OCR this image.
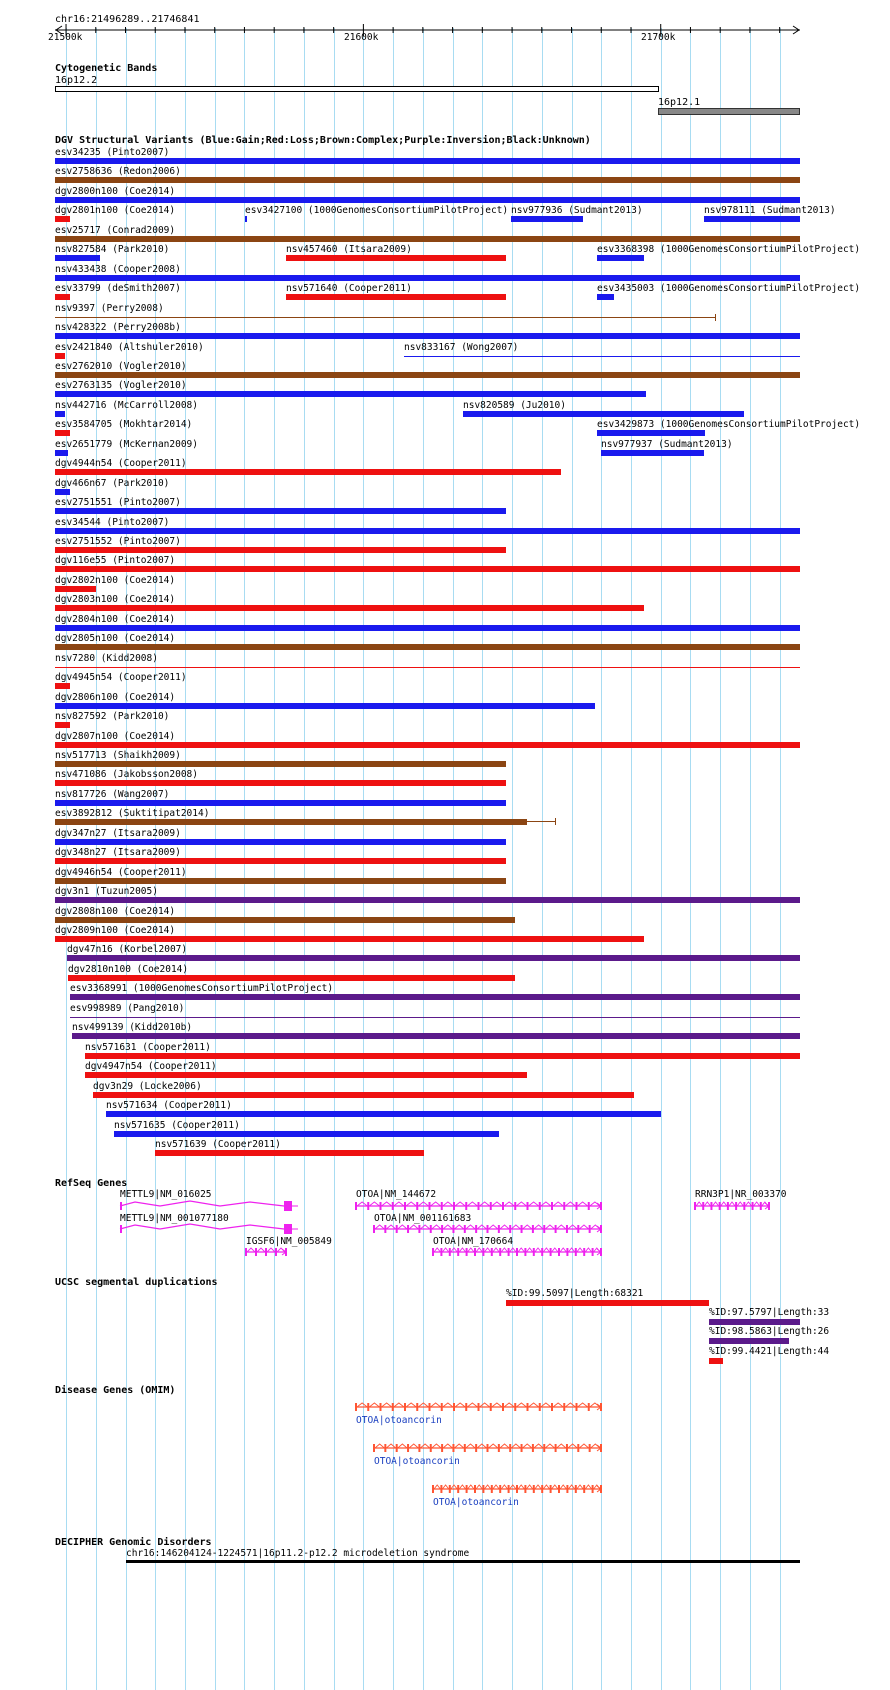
chr16:21496289..21746841
21500k	21600k	21700k
Cytogenetic Bands
16p12.2
16p12.1
DGV Structural Variants (Blue:Gain;Red:Loss;Brown:Complex;Purple:Inversion;Black:Unknown)
esv34235 (Pinto2007)
esv2758636 (Redon2006)
dgv2800n100 (Coe2014)
dgv2801n100 (Coe2014)	esv3427100 (1000GenomesConsortiumPilotProject) nsv977936 (Sudmant2013)	nsv978111 (Sudmant2013)
esv25717 (Conrad2009)
nsv827584 (Park2010)	nsv457460 (Itsara2009)	esv3368398 (1000GenomesConsortiumPilotProject)
nsv433438 (Cooper2008)
esv33799 (deSmith2007)	nsv571640 (Cooper2011)	esv3435003 (1000GenomesConsortiumPilotProject)
nsv9397 (Perry2008)
nsv428322 (Perry2008b)
esv2421840 (Altshuler2010)	nsv833167 (Wong2007)
esv2762010 (Vogler2010)
esv2763135 (Vogler2010)
nsv442716 (McCarroll2008)	nsv820589 (Ju2010)
esv3584705 (Mokhtar2014)	esv3429873 (1000GenomesConsortiumPilotProject)
esv2651779 (McKernan2009)	nsv977937 (Sudmant2013)
dgv4944n54 (Cooper2011)
dgv466n67 (Park2010)
esv2751551 (Pinto2007)
esv34544 (Pinto2007)
esv2751552 (Pinto2007)
dgv116e55 (Pinto2007)
dgv2802n100 (Coe2014)
dgv2803n100 (Coe2014)
dgv2804n100 (Coe2014)
dgv2805n100 (Coe2014)
nsv7280 (Kidd2008)
dgv4945n54 (Cooper2011)
dgv2806n100 (Coe2014)
nsv827592 (Park2010)
dgv2807n100 (Coe2014)
nsv517713 (Shaikh2009)
nsv471086 (Jakobsson2008)
nsv817726 (Wang2007)
esv3892812 (Suktitipat2014)
dgv347n27 (Itsara2009)
dgv348n27 (Itsara2009)
dgv4946n54 (Cooper2011)
dgv3n1 (Tuzun2005)
dgv2808n100 (Coe2014)
dgv2809n100 (Coe2014)
dgv47n16 (Korbel2007)
dgv2810n100 (Coe2014)
esv3368991 (1000GenomesConsortiumPilotProject)
esv998989 (Pang2010)
nsv499139 (Kidd2010b)
nsv571631 (Cooper2011)
dgv4947n54 (Cooper2011)
dgv3n29 (Locke2006)
nsv571634 (Cooper2011)
nsv571635 (Cooper2011)
nsv571639 (Cooper2011)
RefSeq Genes
METTL9|NM_016025
METTL9|NM_001077180
IGSF6|NM_005849
OTOA|NM_144672
OTOA|NM_001161683
OTOA|NM_170664
RRN3P1|NR_003370
UCSC segmental duplications
%ID:99.5097|Length:68321
%ID:97.5797|Length:33
%ID:98.5863|Length:26
%ID:99.4421|Length:44
Disease Genes (OMIM)
OTOA|otoancorin
OTOA|otoancorin
OTOA|otoancorin
DECIPHER Genomic Disorders
chr16:146204124-1224571|16p11.2-p12.2 microdeletion syndrome
